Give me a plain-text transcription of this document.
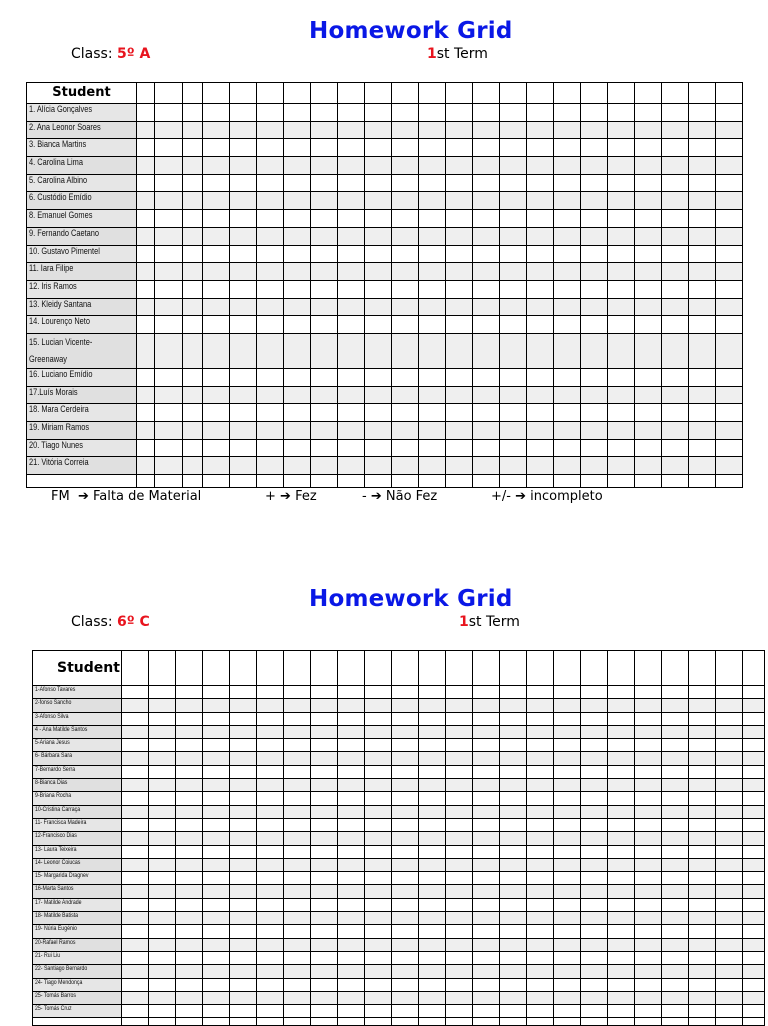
Homework Grid
Class: 5º A	1st Term
Student																							
1. Alícia Gonçalves																							
2. Ana Leonor Soares																							
3. Bianca Martins																							
4. Carolina Lima																							
5. Carolina Albino																							
6. Custódio Emídio																							
8. Emanuel Gomes																							
9. Fernando Caetano																							
10. Gustavo Pimentel																							
11. Iara Filipe																							
12. Iris Ramos																							
13. Kleidy Santana																							
14. Lourenço Neto																							
15. Lucian Vicente-Greenaway																							
16. Luciano Emídio																							
17.Luís Morais																							
18. Mara Cerdeira																							
19. Miriam Ramos																							
20. Tiago Nunes																							
21. Vitória Correia																							

FM ➔ Falta de Material	+ ➔ Fez	- ➔ Não Fez	+/- ➔ incompleto
Homework Grid
Class: 6º C	1st Term
Student																								
1-Afonso Tavares																								
2-fonso Sancho																								
3-Afonso Silva																								
4 - Ana Matilde Santos																								
5-Ariana Jesus																								
6- Bárbara Sara																								
7-Bernardo Serra																								
8-Bianca Dias																								
9-Briana Rocha																								
10-Cristina Carraça																								
11- Francisca Madeira																								
12-Francisco Dias																								
13- Laura Teixeira																								
14- Leonor Coiucas																								
15- Margarida Dragnev																								
16-Marta Santos																								
17- Matilde Andrade																								
18- Matilde Batista																								
19- Núria Eugénio																								
20-Rafael Ramos																								
21- Rui Liu																								
22- Santiago Bernardo																								
24- Tiago Mendonça																								
25- Tomás Barros																								
25- Tomás Cruz																								
